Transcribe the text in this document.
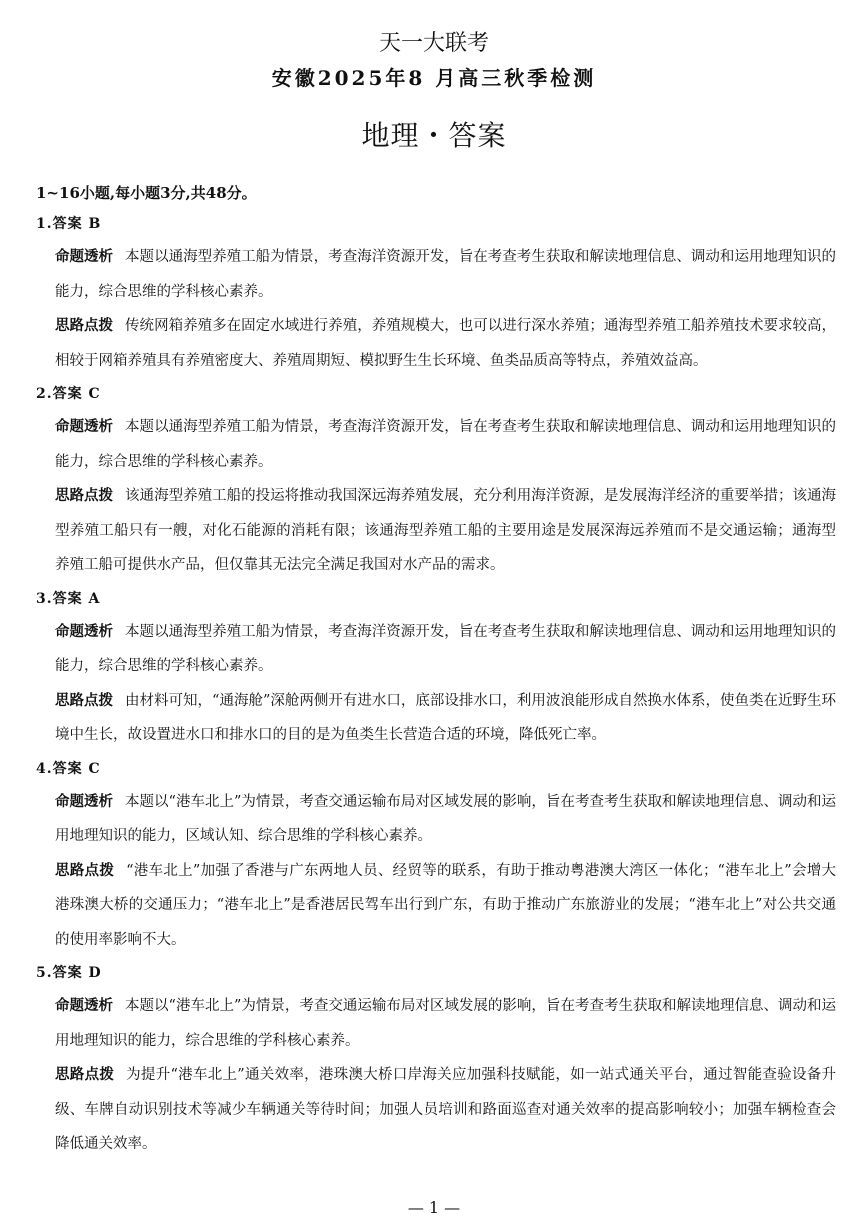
天一大联考
安徽2025年8 月高三秋季检测
地理・答案
1~16小题,每小题3分,共48分。
1.答案 B
命题透析 本题以通海型养殖工船为情景，考查海洋资源开发，旨在考查考生获取和解读地理信息、调动和运用地理知识的能力，综合思维的学科核心素养。
思路点拨 传统网箱养殖多在固定水域进行养殖，养殖规模大，也可以进行深水养殖；通海型养殖工船养殖技术要求较高，相较于网箱养殖具有养殖密度大、养殖周期短、模拟野生生长环境、鱼类品质高等特点，养殖效益高。
2.答案 C
命题透析 本题以通海型养殖工船为情景，考查海洋资源开发，旨在考查考生获取和解读地理信息、调动和运用地理知识的能力，综合思维的学科核心素养。
思路点拨 该通海型养殖工船的投运将推动我国深远海养殖发展，充分利用海洋资源，是发展海洋经济的重要举措；该通海型养殖工船只有一艘，对化石能源的消耗有限；该通海型养殖工船的主要用途是发展深海远养殖而不是交通运输；通海型养殖工船可提供水产品，但仅靠其无法完全满足我国对水产品的需求。
3.答案 A
命题透析 本题以通海型养殖工船为情景，考查海洋资源开发，旨在考查考生获取和解读地理信息、调动和运用地理知识的能力，综合思维的学科核心素养。
思路点拨 由材料可知，“通海舱”深舱两侧开有进水口，底部设排水口，利用波浪能形成自然换水体系，使鱼类在近野生环境中生长，故设置进水口和排水口的目的是为鱼类生长营造合适的环境，降低死亡率。
4.答案 C
命题透析 本题以“港车北上”为情景，考查交通运输布局对区域发展的影响，旨在考查考生获取和解读地理信息、调动和运用地理知识的能力，区域认知、综合思维的学科核心素养。
思路点拨 “港车北上”加强了香港与广东两地人员、经贸等的联系，有助于推动粤港澳大湾区一体化；“港车北上”会增大港珠澳大桥的交通压力；“港车北上”是香港居民驾车出行到广东，有助于推动广东旅游业的发展；“港车北上”对公共交通的使用率影响不大。
5.答案 D
命题透析 本题以“港车北上”为情景，考查交通运输布局对区域发展的影响，旨在考查考生获取和解读地理信息、调动和运用地理知识的能力，综合思维的学科核心素养。
思路点拨 为提升“港车北上”通关效率，港珠澳大桥口岸海关应加强科技赋能，如一站式通关平台，通过智能查验设备升级、车牌自动识别技术等减少车辆通关等待时间；加强人员培训和路面巡查对通关效率的提高影响较小；加强车辆检查会降低通关效率。
— 1 —
